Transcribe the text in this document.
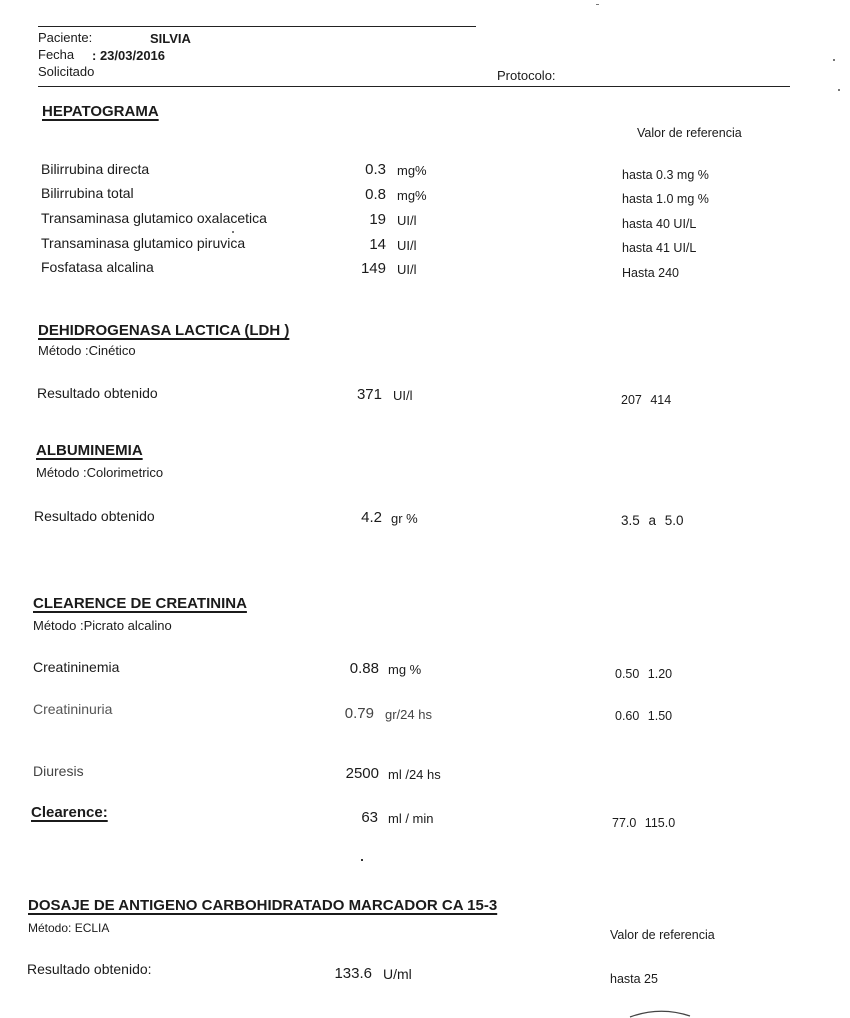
Paciente:	SILVIA
Fecha : 23/03/2016
Solicitado	Protocolo:
HEPATOGRAMA
Valor de referencia
Bilirrubina directa	0.3 mg%	hasta 0.3 mg %
Bilirrubina total	0.8 mg%	hasta 1.0 mg %
Transaminasa glutamico oxalacetica	19 UI/l	hasta 40 UI/L
Transaminasa glutamico piruvica	14 UI/l	hasta 41 UI/L
Fosfatasa alcalina	149 UI/l	Hasta 240
DEHIDROGENASA LACTICA (LDH )
Método :Cinético
Resultado obtenido	371 UI/l	207 414
ALBUMINEMIA
Método :Colorimetrico
Resultado obtenido	4.2 gr %	3.5 a 5.0
CLEARENCE DE CREATININA
Método :Picrato alcalino
Creatininemia	0.88 mg %	0.50 1.20
Creatininuria	0.79 gr/24 hs	0.60 1.50
Diuresis	2500 ml /24 hs
Clearence:	63 ml / min	77.0 115.0
DOSAJE DE ANTIGENO CARBOHIDRATADO MARCADOR CA 15-3
Método: ECLIA	Valor de referencia
Resultado obtenido:	133.6 U/ml	hasta 25
